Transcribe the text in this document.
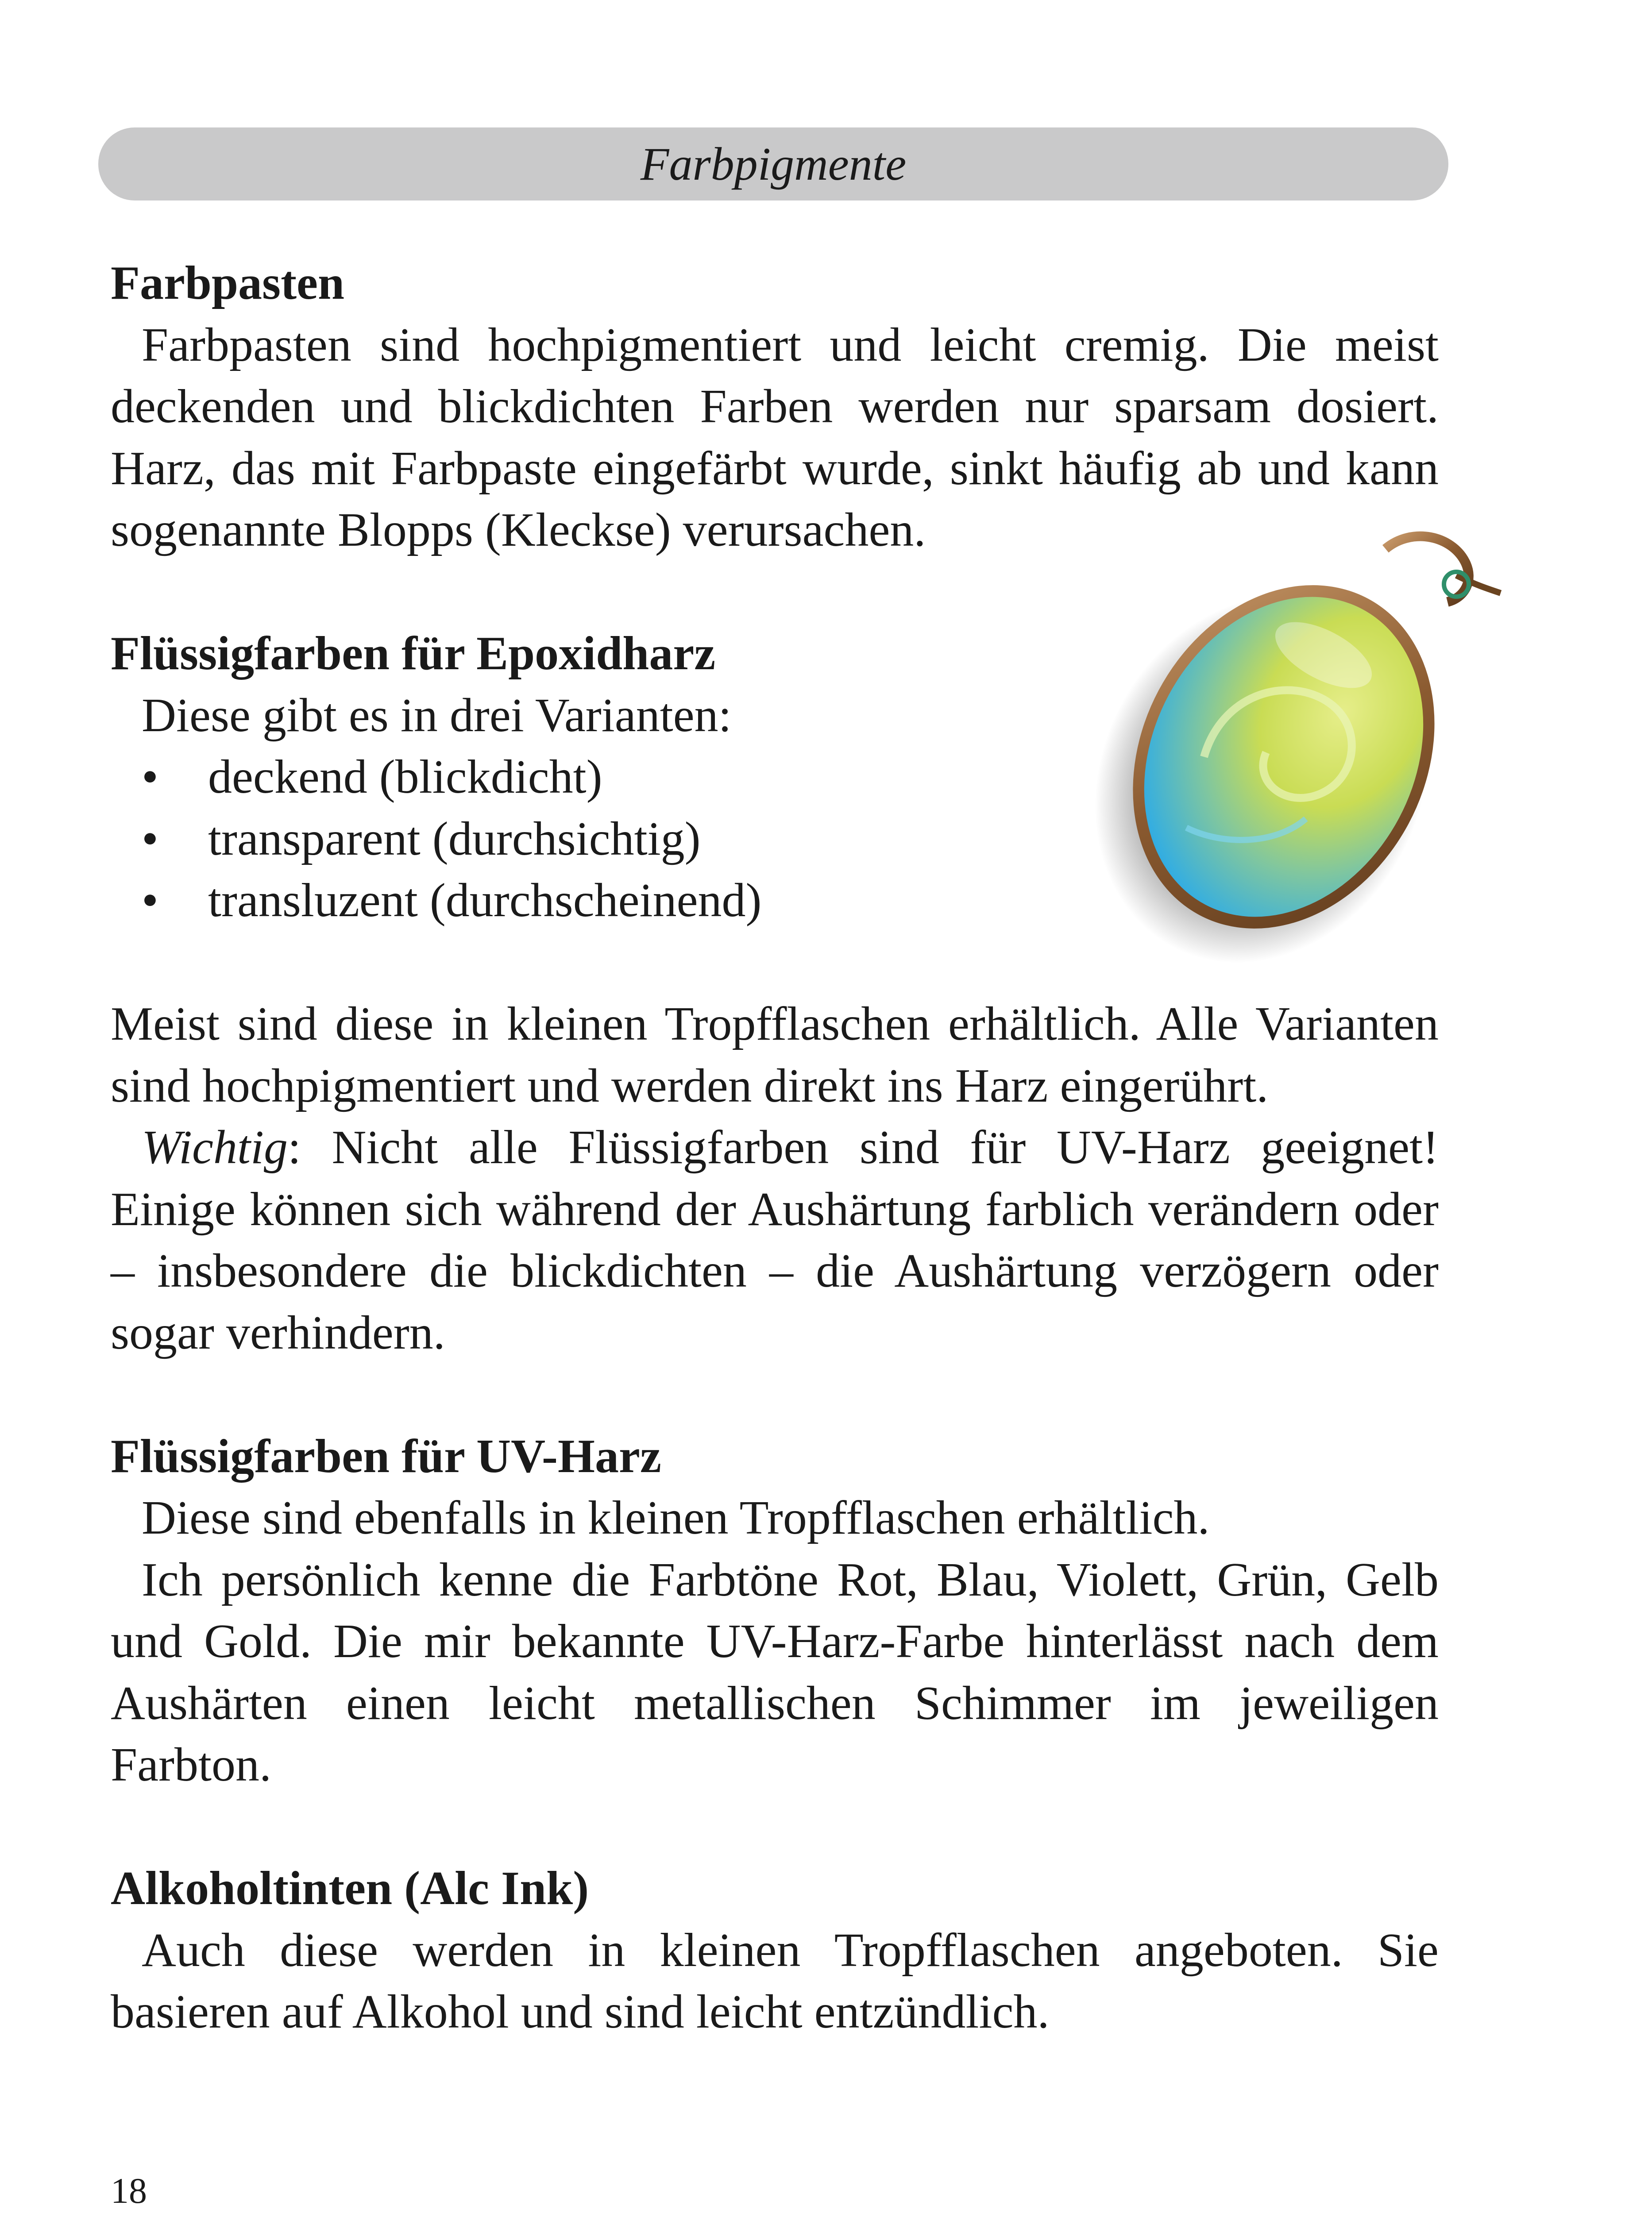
Farbpigmente

Farbpasten

Farbpasten sind hochpigmentiert und leicht cremig. Die meist deckenden und blickdichten Farben werden nur sparsam dosiert. Harz, das mit Farbpaste eingefärbt wurde, sinkt häufig ab und kann sogenannte Blopps (Kleckse) verursachen.

Flüssigfarben für Epoxidharz

Diese gibt es in drei Varianten:

• deckend (blickdicht)
• transparent (durchsichtig)
• transluzent (durchscheinend)

Meist sind diese in kleinen Tropfflaschen erhältlich. Alle Varianten sind hochpigmentiert und werden direkt ins Harz eingerührt.

Wichtig: Nicht alle Flüssigfarben sind für UV-Harz geeignet! Einige können sich während der Aushärtung farblich verändern oder – insbesondere die blickdichten – die Aushärtung verzögern oder sogar verhindern.

Flüssigfarben für UV-Harz

Diese sind ebenfalls in kleinen Tropfflaschen erhältlich.

Ich persönlich kenne die Farbtöne Rot, Blau, Violett, Grün, Gelb und Gold. Die mir bekannte UV-Harz-Farbe hinterlässt nach dem Aushärten einen leicht metallischen Schimmer im jeweiligen Farbton.

Alkoholtinten (Alc Ink)

Auch diese werden in kleinen Tropfflaschen angeboten. Sie basieren auf Alkohol und sind leicht entzündlich.

18
